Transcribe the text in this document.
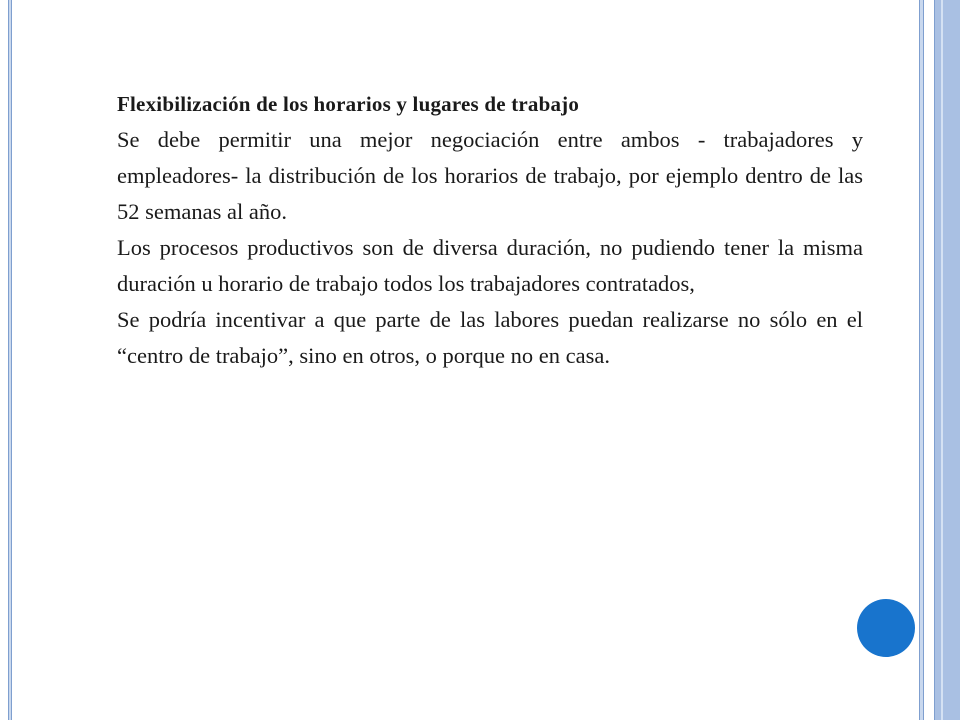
Flexibilización de los horarios y lugares de trabajo

Se debe permitir una mejor negociación entre ambos - trabajadores y empleadores- la distribución de los horarios de trabajo, por ejemplo dentro de las 52 semanas al año.

Los procesos productivos son de diversa duración, no pudiendo tener la misma duración u horario de trabajo todos los trabajadores contratados,

Se podría incentivar a que parte de las labores puedan realizarse no sólo en el “centro de trabajo”, sino en otros, o porque no en casa.
